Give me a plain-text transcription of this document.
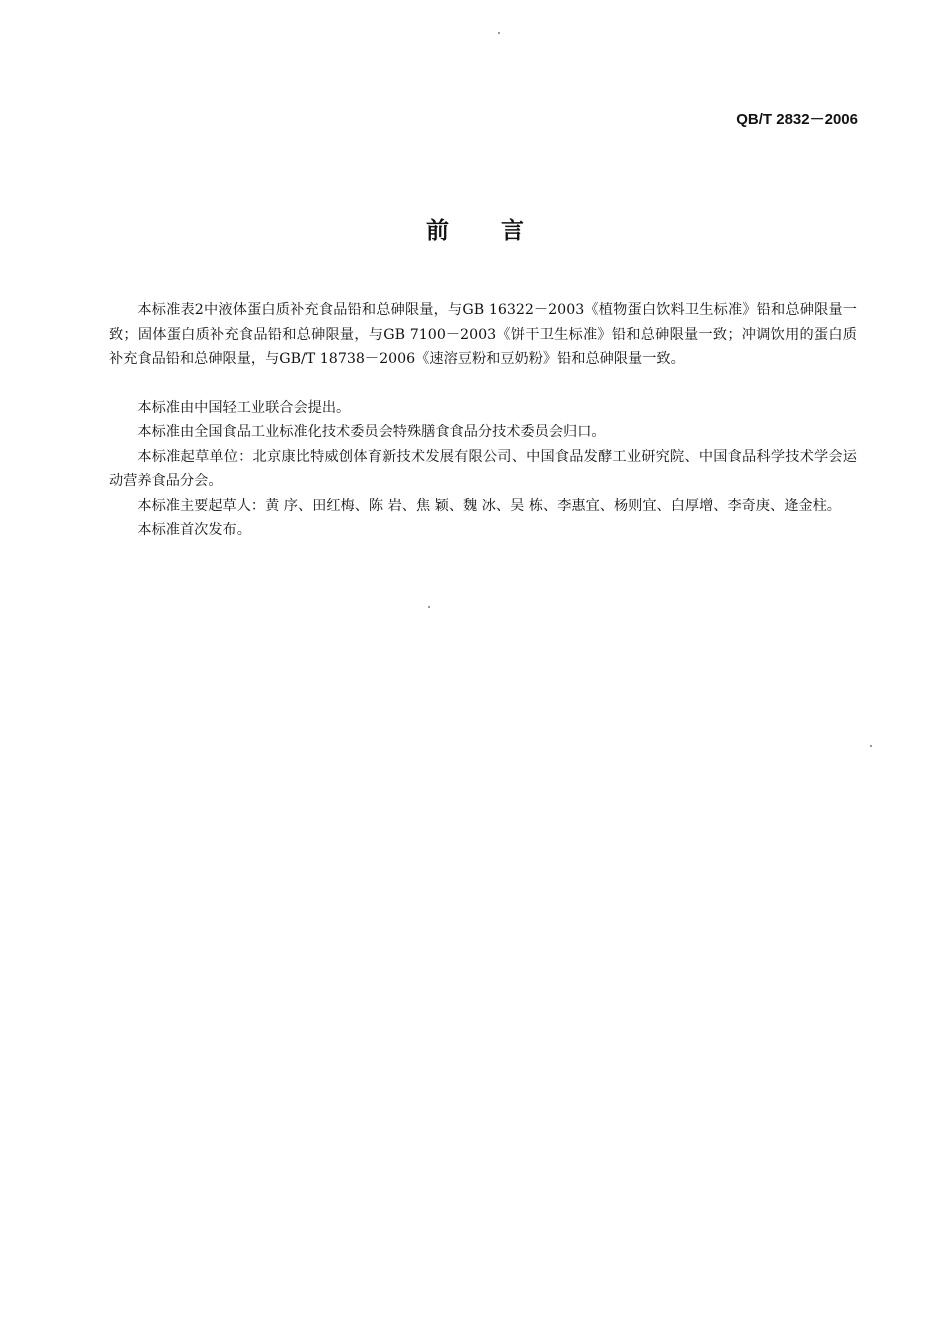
QB/T 2832－2006
前 言

本标准表2中液体蛋白质补充食品铅和总砷限量，与GB 16322－2003《植物蛋白饮料卫生标准》铅和总砷限量一致；固体蛋白质补充食品铅和总砷限量，与GB 7100－2003《饼干卫生标准》铅和总砷限量一致；冲调饮用的蛋白质补充食品铅和总砷限量，与GB/T 18738－2006《速溶豆粉和豆奶粉》铅和总砷限量一致。

本标准由中国轻工业联合会提出。

本标准由全国食品工业标准化技术委员会特殊膳食食品分技术委员会归口。

本标准起草单位：北京康比特威创体育新技术发展有限公司、中国食品发酵工业研究院、中国食品科学技术学会运动营养食品分会。

本标准主要起草人：黄 序、田红梅、陈 岩、焦 颖、魏 冰、吴 栋、李惠宜、杨则宜、白厚增、李奇庚、逄金柱。

本标准首次发布。
